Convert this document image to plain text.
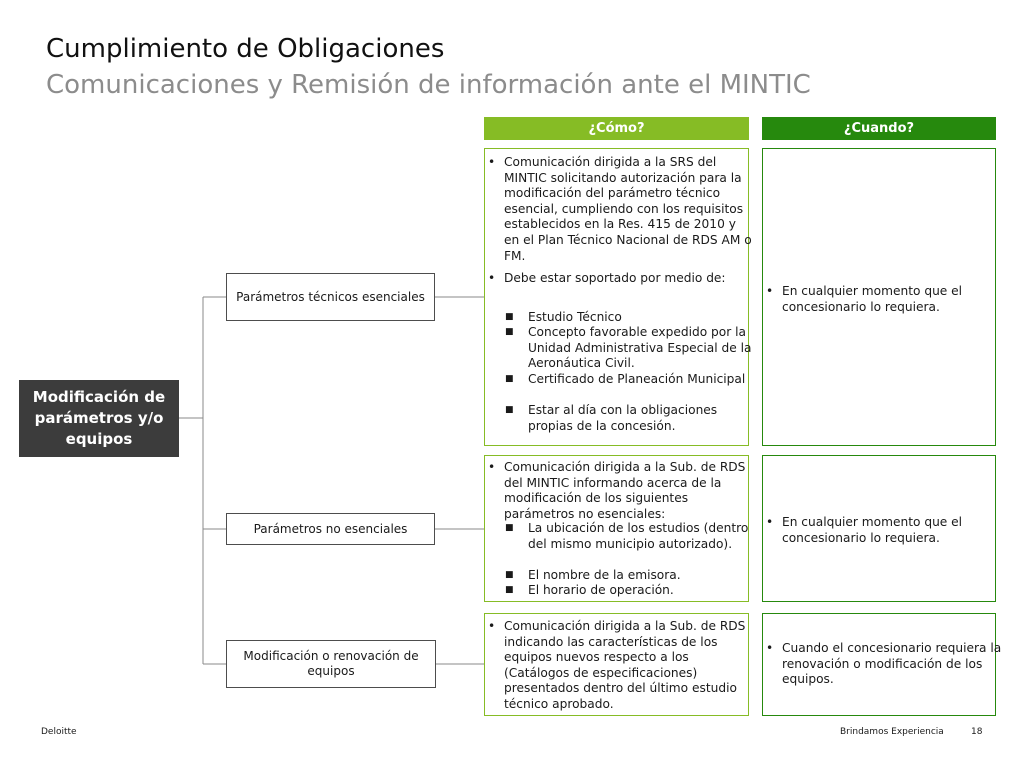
Cumplimiento de Obligaciones
Comunicaciones y Remisión de información ante el MINTIC
¿Cómo?	¿Cuando?
Modificación de parámetros y/o equipos
Parámetros técnicos esenciales
Parámetros no esenciales
Modificación o renovación de equipos
• Comunicación dirigida a la SRS del MINTIC solicitando autorización para la modificación del parámetro técnico esencial, cumpliendo con los requisitos establecidos en la Res. 415 de 2010 y en el Plan Técnico Nacional de RDS AM o FM.
• Debe estar soportado por medio de:
■ Estudio Técnico
■ Concepto favorable expedido por la Unidad Administrativa Especial de la Aeronáutica Civil.
■ Certificado de Planeación Municipal
■ Estar al día con la obligaciones propias de la concesión.
• Comunicación dirigida a la Sub. de RDS del MINTIC informando acerca de la modificación de los siguientes parámetros no esenciales:
■ La ubicación de los estudios (dentro del mismo municipio autorizado).
■ El nombre de la emisora.
■ El horario de operación.
• Comunicación dirigida a la Sub. de RDS indicando las características de los equipos nuevos respecto a los (Catálogos de especificaciones) presentados dentro del último estudio técnico aprobado.
• En cualquier momento que el concesionario lo requiera.
• En cualquier momento que el concesionario lo requiera.
• Cuando el concesionario requiera la renovación o modificación de los equipos.
Deloitte	Brindamos Experiencia	18
